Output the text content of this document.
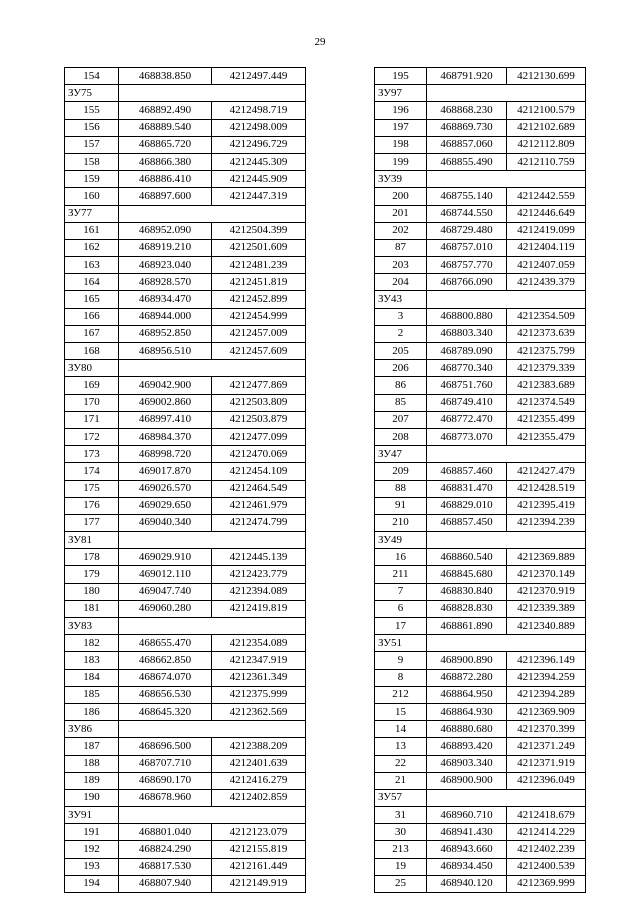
29
154	468838.850	4212497.449
ЗУ75		
155	468892.490	4212498.719
156	468889.540	4212498.009
157	468865.720	4212496.729
158	468866.380	4212445.309
159	468886.410	4212445.909
160	468897.600	4212447.319
ЗУ77		
161	468952.090	4212504.399
162	468919.210	4212501.609
163	468923.040	4212481.239
164	468928.570	4212451.819
165	468934.470	4212452.899
166	468944.000	4212454.999
167	468952.850	4212457.009
168	468956.510	4212457.609
ЗУ80		
169	469042.900	4212477.869
170	469002.860	4212503.809
171	468997.410	4212503.879
172	468984.370	4212477.099
173	468998.720	4212470.069
174	469017.870	4212454.109
175	469026.570	4212464.549
176	469029.650	4212461.979
177	469040.340	4212474.799
ЗУ81		
178	469029.910	4212445.139
179	469012.110	4212423.779
180	469047.740	4212394.089
181	469060.280	4212419.819
ЗУ83		
182	468655.470	4212354.089
183	468662.850	4212347.919
184	468674.070	4212361.349
185	468656.530	4212375.999
186	468645.320	4212362.569
ЗУ86		
187	468696.500	4212388.209
188	468707.710	4212401.639
189	468690.170	4212416.279
190	468678.960	4212402.859
ЗУ91		
191	468801.040	4212123.079
192	468824.290	4212155.819
193	468817.530	4212161.449
194	468807.940	4212149.919
195	468791.920	4212130.699
ЗУ97		
196	468868.230	4212100.579
197	468869.730	4212102.689
198	468857.060	4212112.809
199	468855.490	4212110.759
ЗУ39		
200	468755.140	4212442.559
201	468744.550	4212446.649
202	468729.480	4212419.099
87	468757.010	4212404.119
203	468757.770	4212407.059
204	468766.090	4212439.379
ЗУ43		
3	468800.880	4212354.509
2	468803.340	4212373.639
205	468789.090	4212375.799
206	468770.340	4212379.339
86	468751.760	4212383.689
85	468749.410	4212374.549
207	468772.470	4212355.499
208	468773.070	4212355.479
ЗУ47		
209	468857.460	4212427.479
88	468831.470	4212428.519
91	468829.010	4212395.419
210	468857.450	4212394.239
ЗУ49		
16	468860.540	4212369.889
211	468845.680	4212370.149
7	468830.840	4212370.919
6	468828.830	4212339.389
17	468861.890	4212340.889
ЗУ51		
9	468900.890	4212396.149
8	468872.280	4212394.259
212	468864.950	4212394.289
15	468864.930	4212369.909
14	468880.680	4212370.399
13	468893.420	4212371.249
22	468903.340	4212371.919
21	468900.900	4212396.049
ЗУ57		
31	468960.710	4212418.679
30	468941.430	4212414.229
213	468943.660	4212402.239
19	468934.450	4212400.539
25	468940.120	4212369.999
